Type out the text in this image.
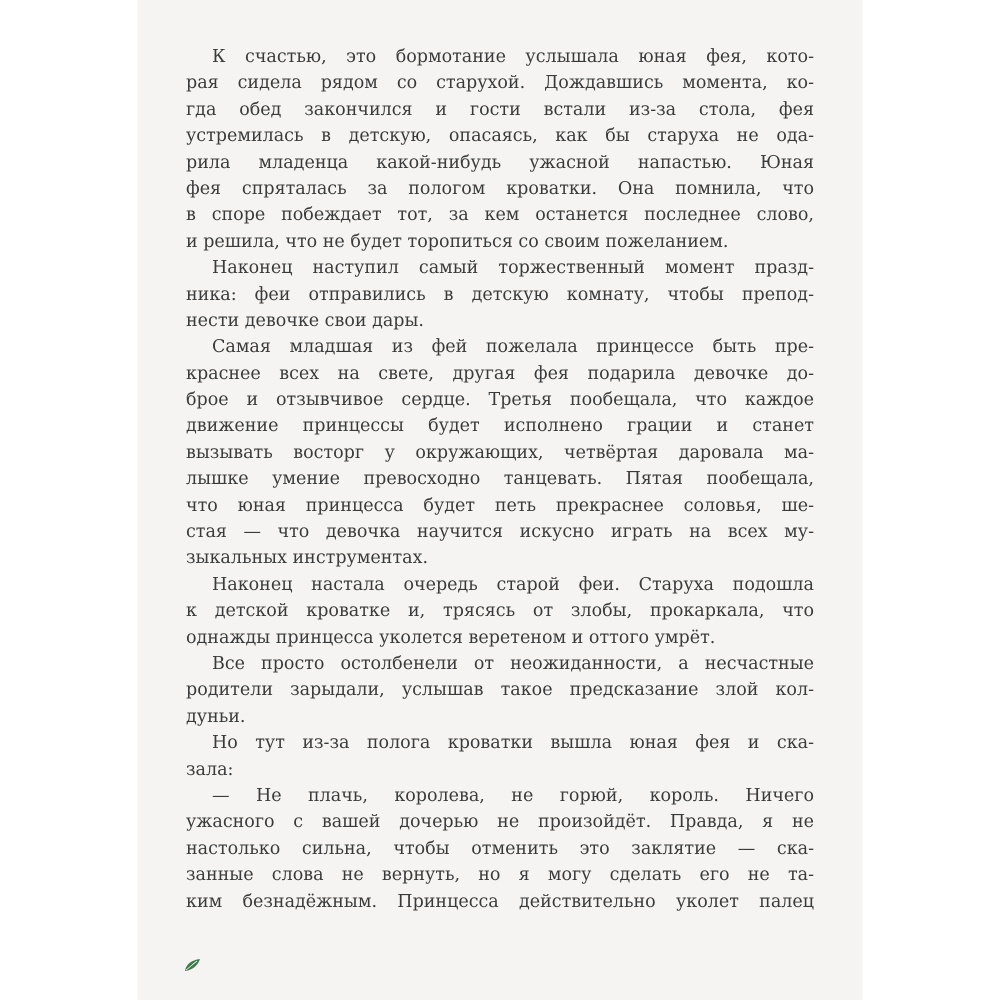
К счастью, это бормотание услышала юная фея, кото-
рая сидела рядом со старухой. Дождавшись момента, ко-
гда обед закончился и гости встали из-за стола, фея
устремилась в детскую, опасаясь, как бы старуха не ода-
рила младенца какой-нибудь ужасной напастью. Юная
фея спряталась за пологом кроватки. Она помнила, что
в споре побеждает тот, за кем останется последнее слово,
и решила, что не будет торопиться со своим пожеланием.
Наконец наступил самый торжественный момент празд-
ника: феи отправились в детскую комнату, чтобы препод-
нести девочке свои дары.
Самая младшая из фей пожелала принцессе быть пре-
краснее всех на свете, другая фея подарила девочке до-
брое и отзывчивое сердце. Третья пообещала, что каждое
движение принцессы будет исполнено грации и станет
вызывать восторг у окружающих, четвёртая даровала ма-
лышке умение превосходно танцевать. Пятая пообещала,
что юная принцесса будет петь прекраснее соловья, ше-
стая — что девочка научится искусно играть на всех му-
зыкальных инструментах.
Наконец настала очередь старой феи. Старуха подошла
к детской кроватке и, трясясь от злобы, прокаркала, что
однажды принцесса уколется веретеном и оттого умрёт.
Все просто остолбенели от неожиданности, а несчастные
родители зарыдали, услышав такое предсказание злой кол-
дуньи.
Но тут из-за полога кроватки вышла юная фея и ска-
зала:
— Не плачь, королева, не горюй, король. Ничего
ужасного с вашей дочерью не произойдёт. Правда, я не
настолько сильна, чтобы отменить это заклятие — ска-
занные слова не вернуть, но я могу сделать его не та-
ким безнадёжным. Принцесса действительно уколет палец
